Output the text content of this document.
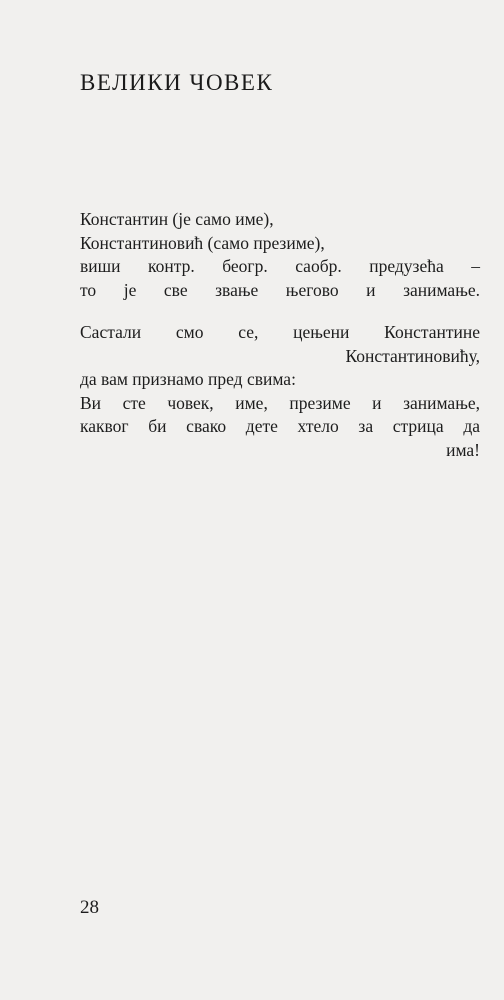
ВЕЛИКИ ЧОВЕК
Константин (је само име),
Константиновић (само презиме),
виши контр. беогр. саобр. предузећа –
то је све звање његово и занимање.
Састали смо се, цењени Константине
Константиновићу,
да вам признамо пред свима:
Ви сте човек, име, презиме и занимање,
каквог би свако дете хтело за стрица да
има!
28
